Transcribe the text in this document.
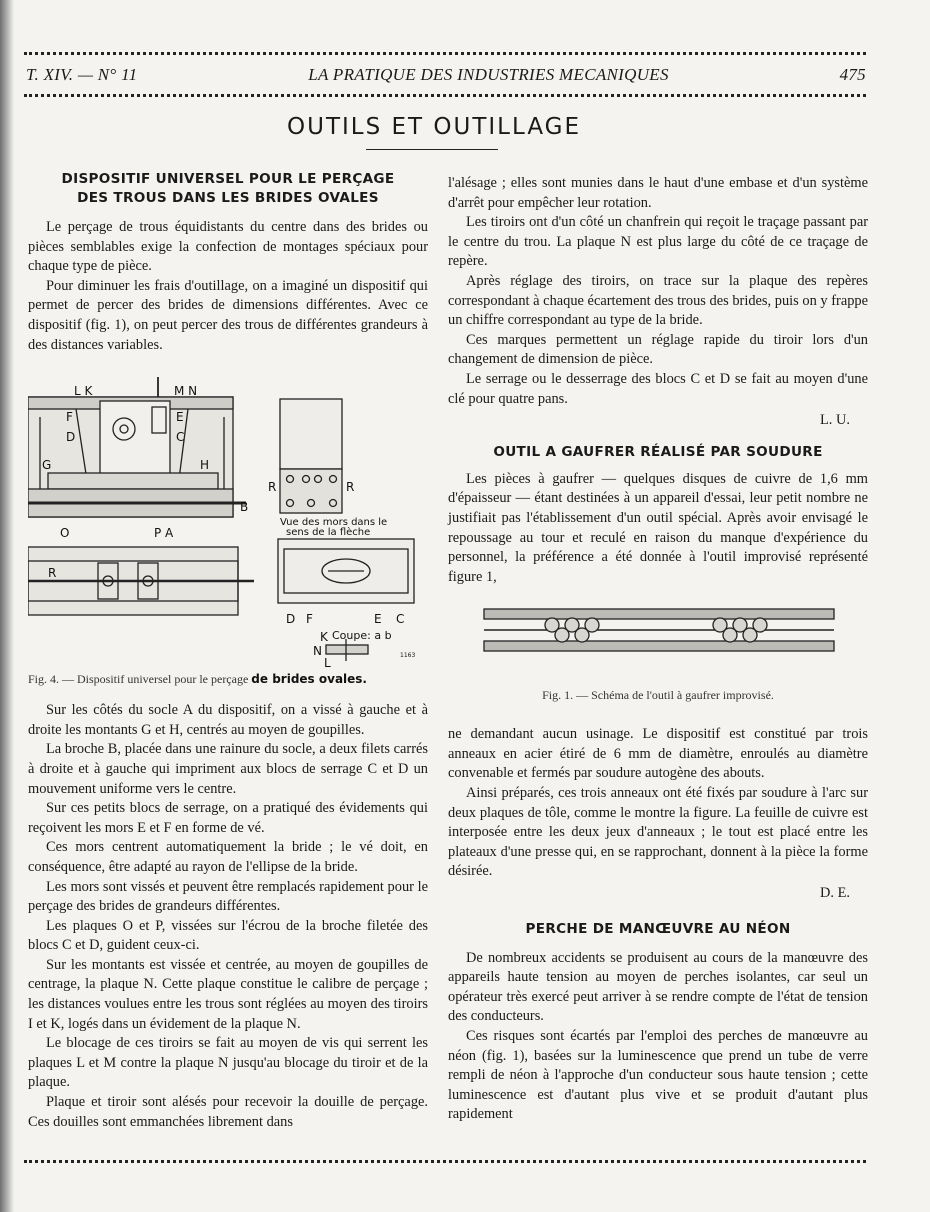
T. XIV. — N° 11	LA PRATIQUE DES INDUSTRIES MECANIQUES	475
OUTILS ET OUTILLAGE
DISPOSITIF UNIVERSEL POUR LE PERÇAGE
DES TROUS DANS LES BRIDES OVALES

Le perçage de trous équidistants du centre dans des brides ou pièces semblables exige la confection de montages spéciaux pour chaque type de pièce.

Pour diminuer les frais d'outillage, on a imaginé un dispositif qui permet de percer des brides de dimensions différentes. Avec ce dispositif (fig. 1), on peut percer des trous de différentes grandeurs à des distances variables.

L K	M N
F	E
D	C
G	H
B
O	P A
R	R
R
D F	E C
K
N
L
Vue des mors dans le
sens de la flèche
Coupe: a b
1163
Fig. 4. — Dispositif universel pour le perçage de brides ovales.

Sur les côtés du socle A du dispositif, on a vissé à gauche et à droite les montants G et H, centrés au moyen de goupilles.

La broche B, placée dans une rainure du socle, a deux filets carrés à droite et à gauche qui impriment aux blocs de serrage C et D un mouvement uniforme vers le centre.

Sur ces petits blocs de serrage, on a pratiqué des évidements qui reçoivent les mors E et F en forme de vé.

Ces mors centrent automatiquement la bride ; le vé doit, en conséquence, être adapté au rayon de l'ellipse de la bride.

Les mors sont vissés et peuvent être remplacés rapidement pour le perçage des brides de grandeurs différentes.

Les plaques O et P, vissées sur l'écrou de la broche filetée des blocs C et D, guident ceux-ci.

Sur les montants est vissée et centrée, au moyen de goupilles de centrage, la plaque N. Cette plaque constitue le calibre de perçage ; les distances voulues entre les trous sont réglées au moyen des tiroirs I et K, logés dans un évidement de la plaque N.

Le blocage de ces tiroirs se fait au moyen de vis qui serrent les plaques L et M contre la plaque N jusqu'au blocage du tiroir et de la plaque.

Plaque et tiroir sont alésés pour recevoir la douille de perçage. Ces douilles sont emmanchées librement dans

l'alésage ; elles sont munies dans le haut d'une embase et d'un système d'arrêt pour empêcher leur rotation.

Les tiroirs ont d'un côté un chanfrein qui reçoit le traçage passant par le centre du trou. La plaque N est plus large du côté de ce traçage de repère.

Après réglage des tiroirs, on trace sur la plaque des repères correspondant à chaque écartement des trous des brides, puis on y frappe un chiffre correspondant au type de la bride.

Ces marques permettent un réglage rapide du tiroir lors d'un changement de dimension de pièce.

Le serrage ou le desserrage des blocs C et D se fait au moyen d'une clé pour quatre pans.

L. U.
OUTIL A GAUFRER RÉALISÉ PAR SOUDURE

Les pièces à gaufrer — quelques disques de cuivre de 1,6 mm d'épaisseur — étant destinées à un appareil d'essai, leur petit nombre ne justifiait pas l'établissement d'un outil spécial. Après avoir envisagé le repoussage au tour et reculé en raison du manque d'expérience du personnel, la préférence a été donnée à l'outil improvisé représenté figure 1,

Fig. 1. — Schéma de l'outil à gaufrer improvisé.

ne demandant aucun usinage. Le dispositif est constitué par trois anneaux en acier étiré de 6 mm de diamètre, enroulés au diamètre convenable et fermés par soudure autogène des abouts.

Ainsi préparés, ces trois anneaux ont été fixés par soudure à l'arc sur deux plaques de tôle, comme le montre la figure. La feuille de cuivre est interposée entre les deux jeux d'anneaux ; le tout est placé entre les plateaux d'une presse qui, en se rapprochant, donnent à la pièce la forme désirée.

D. E.
PERCHE DE MANŒUVRE AU NÉON

De nombreux accidents se produisent au cours de la manœuvre des appareils haute tension au moyen de perches isolantes, car seul un opérateur très exercé peut arriver à se rendre compte de l'état de tension des conducteurs.

Ces risques sont écartés par l'emploi des perches de manœuvre au néon (fig. 1), basées sur la luminescence que prend un tube de verre rempli de néon à l'approche d'un conducteur sous haute tension ; cette luminescence est d'autant plus vive et se produit d'autant plus rapidement
